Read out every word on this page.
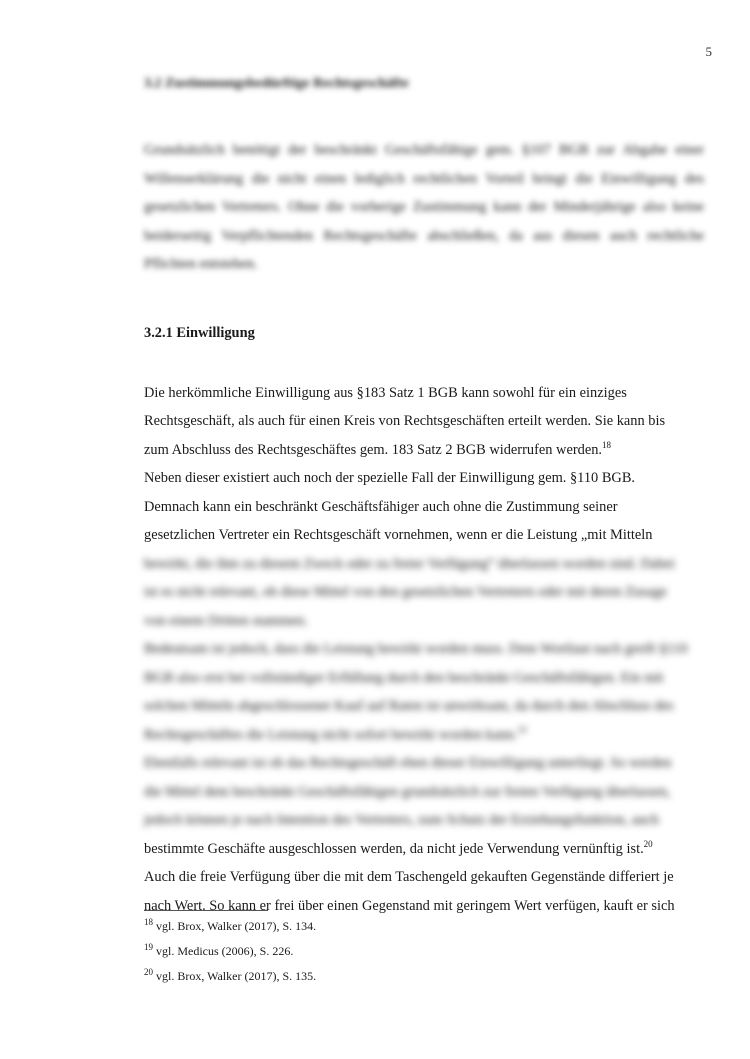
5
3.2 Zustimmungsbedürftige Rechtsgeschäfte
Grundsätzlich benötigt der beschränkt Geschäftsfähige gem. §107 BGB zur Abgabe einer
Willenserklärung die nicht einen lediglich rechtlichen Vorteil bringt die Einwilligung des
gesetzlichen Vertreters. Ohne die vorherige Zustimmung kann der Minderjährige also keine
beiderseitig Verpflichtenden Rechtsgeschäfte abschließen, da aus diesen auch rechtliche
Pflichten entstehen.
3.2.1 Einwilligung
Die herkömmliche Einwilligung aus §183 Satz 1 BGB kann sowohl für ein einziges
Rechtsgeschäft, als auch für einen Kreis von Rechtsgeschäften erteilt werden. Sie kann bis
zum Abschluss des Rechtsgeschäftes gem. 183 Satz 2 BGB widerrufen werden.$^{18}$
Neben dieser existiert auch noch der spezielle Fall der Einwilligung gem. §110 BGB.
Demnach kann ein beschränkt Geschäftsfähiger auch ohne die Zustimmung seiner
gesetzlichen Vertreter ein Rechtsgeschäft vornehmen, wenn er die Leistung „mit Mitteln
bewirkt, die ihm zu diesem Zweck oder zu freier Verfügung“ überlassen worden sind. Dabei
ist es nicht relevant, ob diese Mittel von den gesetzlichen Vertretern oder mit deren Zusage
von einem Dritten stammen.
Bedeutsam ist jedoch, dass die Leistung bewirkt worden muss. Dem Wortlaut nach greift §110
BGB also erst bei vollständiger Erfüllung durch den beschränkt Geschäftsfähigen. Ein mit
solchen Mitteln abgeschlossener Kauf auf Raten ist unwirksam, da durch den Abschluss des
Rechtsgeschäftes die Leistung nicht sofort bewirkt worden kann.$^{19}$
Ebenfalls relevant ist ob das Rechtsgeschäft eben dieser Einwilligung unterliegt. So werden
die Mittel dem beschränkt Geschäftsfähigen grundsätzlich zur freien Verfügung überlassen,
jedoch können je nach Intention des Vertreters, zum Schutz der Erziehungsfunktion, auch
bestimmte Geschäfte ausgeschlossen werden, da nicht jede Verwendung vernünftig ist.$^{20}$
Auch die freie Verfügung über die mit dem Taschengeld gekauften Gegenstände differiert je
nach Wert. So kann er frei über einen Gegenstand mit geringem Wert verfügen, kauft er sich
$^{18}$ vgl. Brox, Walker (2017), S. 134.
$^{19}$ vgl. Medicus (2006), S. 226.
$^{20}$ vgl. Brox, Walker (2017), S. 135.
